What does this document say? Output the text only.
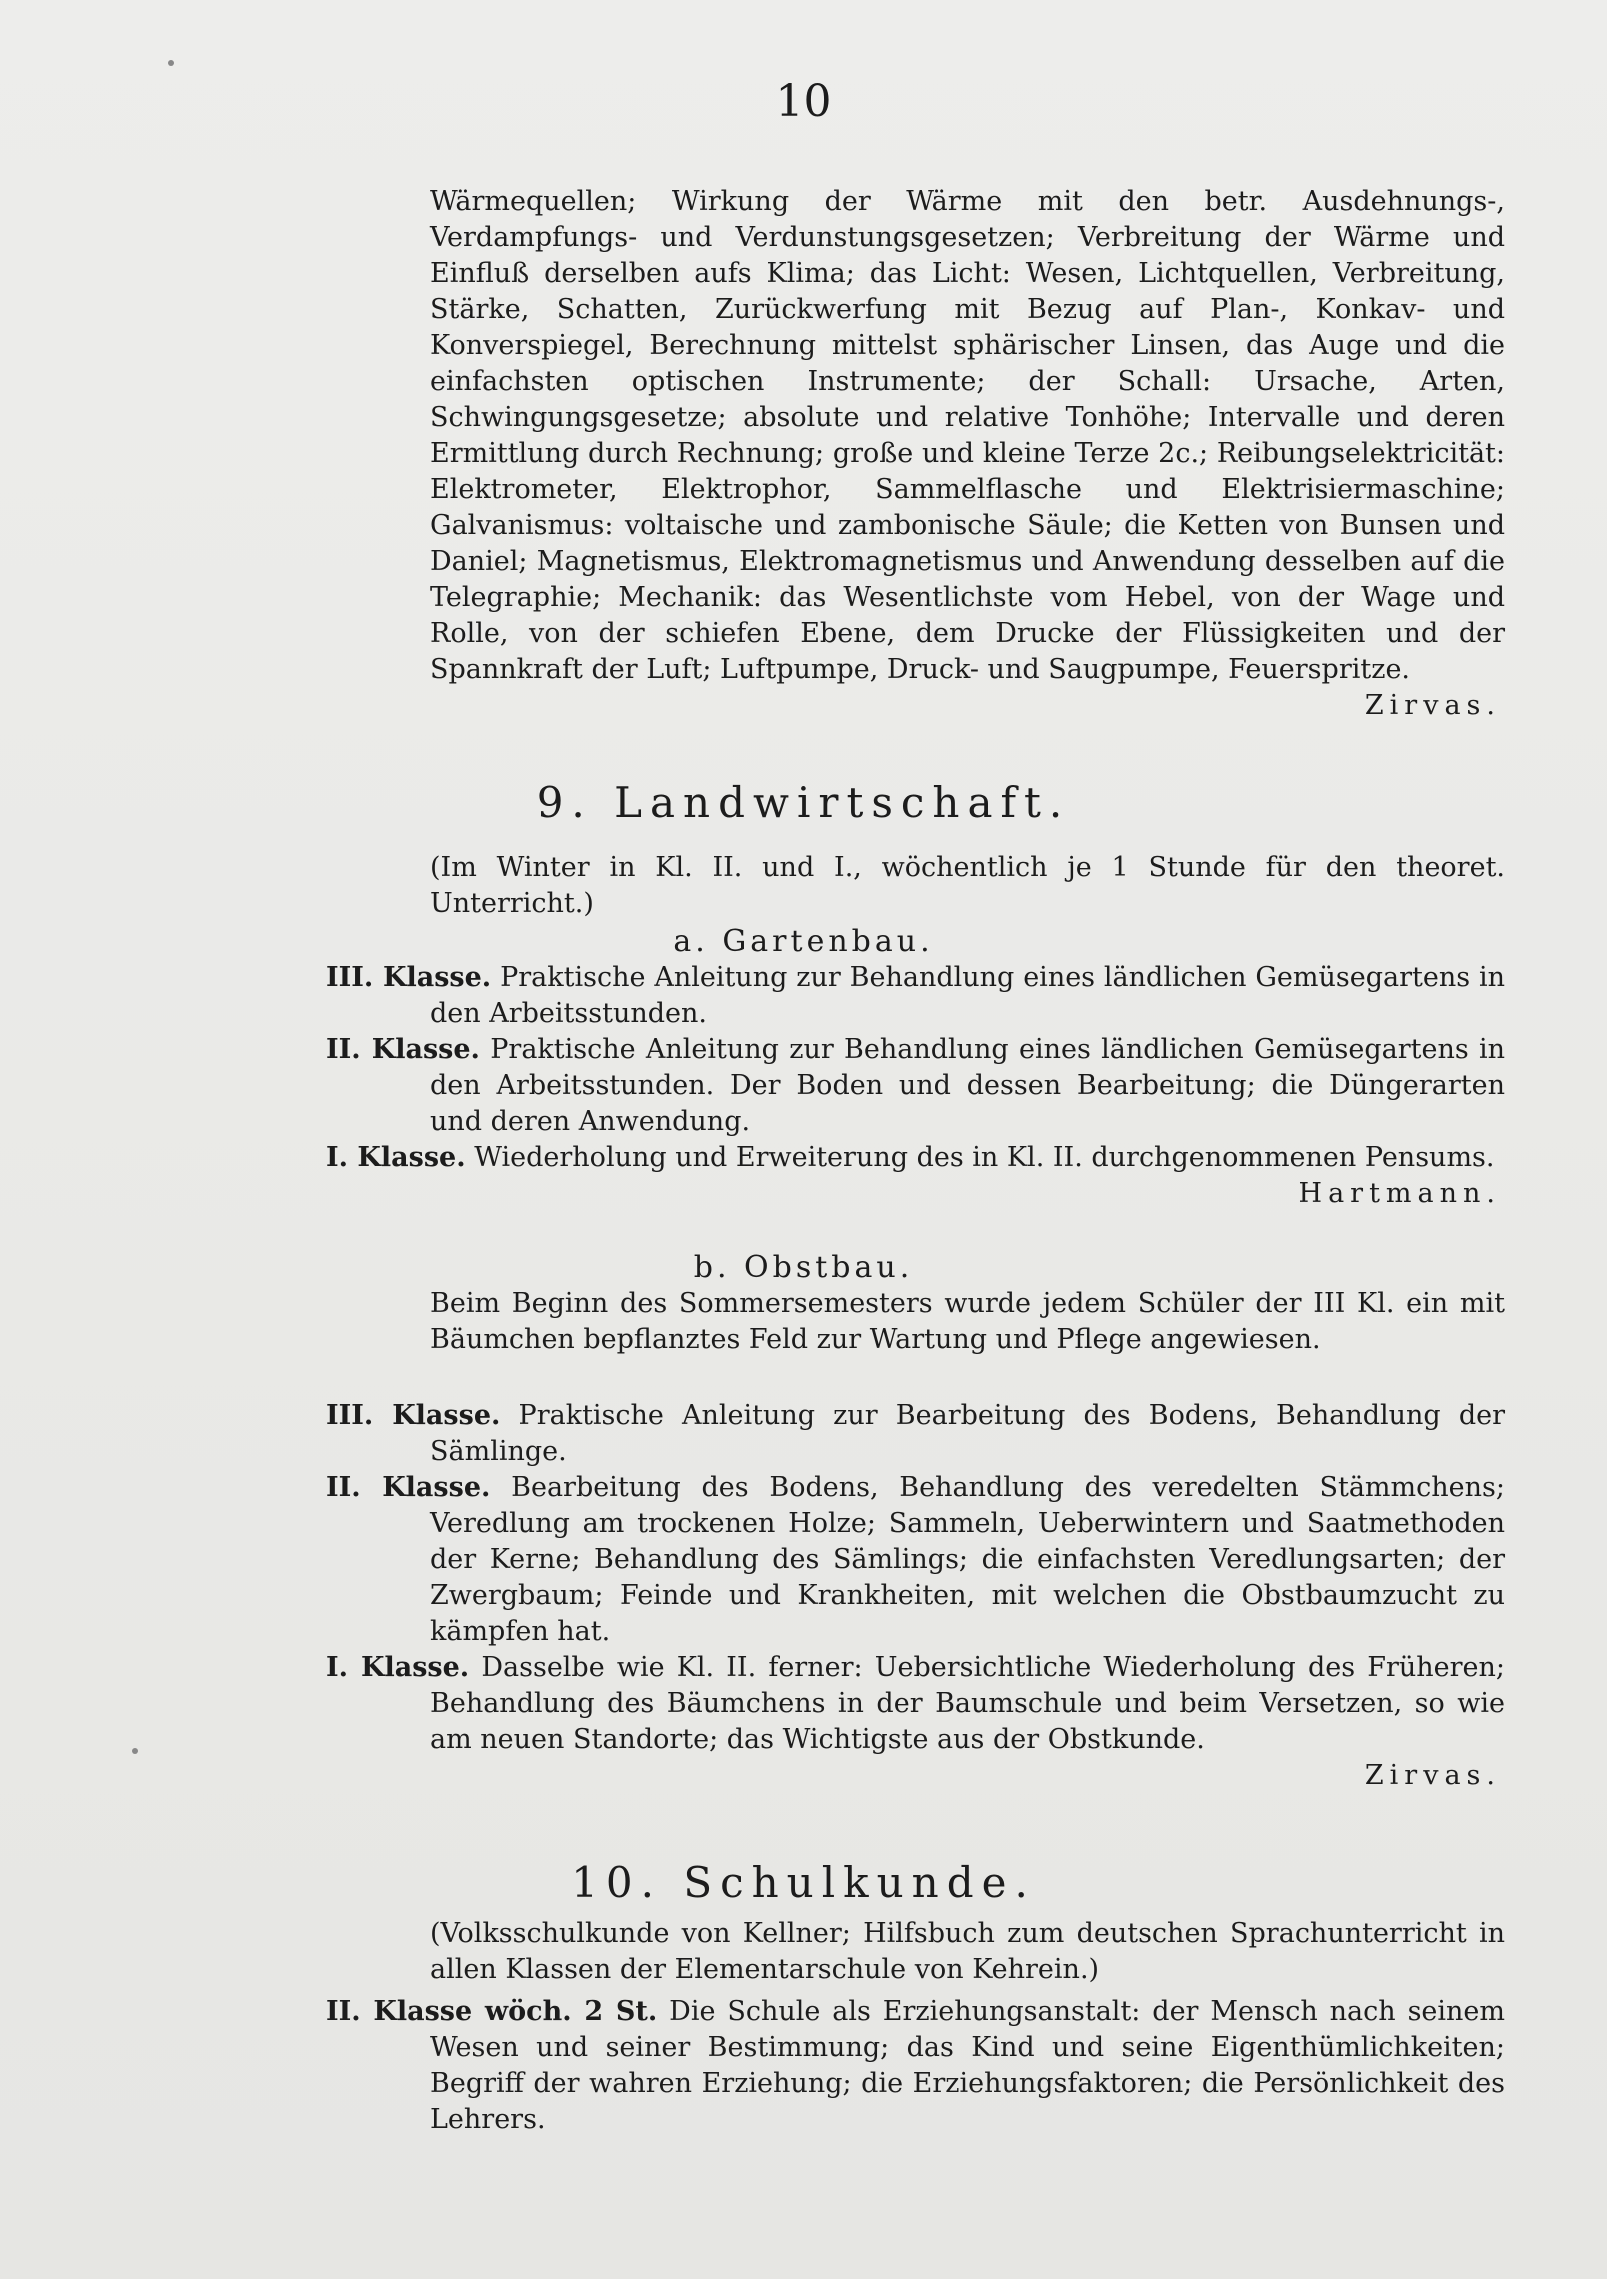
10

Wärmequellen; Wirkung der Wärme mit den betr. Ausdehnungs-, Verdampfungs- und Verdunstungsgesetzen; Verbreitung der Wärme und Einfluß derselben aufs Klima; das Licht: Wesen, Lichtquellen, Verbreitung, Stärke, Schatten, Zurückwerfung mit Bezug auf Plan-, Konkav- und Konverspiegel, Berechnung mittelst sphärischer Linsen, das Auge und die einfachsten optischen Instrumente; der Schall: Ursache, Arten, Schwingungsgesetze; absolute und relative Tonhöhe; Intervalle und deren Ermittlung durch Rechnung; große und kleine Terze 2c.; Reibungselektricität: Elektrometer, Elektrophor, Sammelflasche und Elektrisiermaschine; Galvanismus: voltaische und zambonische Säule; die Ketten von Bunsen und Daniel; Magnetismus, Elektromagnetismus und Anwendung desselben auf die Telegraphie; Mechanik: das Wesentlichste vom Hebel, von der Wage und Rolle, von der schiefen Ebene, dem Drucke der Flüssigkeiten und der Spannkraft der Luft; Luftpumpe, Druck- und Saugpumpe, Feuerspritze.

Zirvas.

9. Landwirtschaft.
(Im Winter in Kl. II. und I., wöchentlich je 1 Stunde für den theoret. Unterricht.)
a. Gartenbau.

III. Klasse. Praktische Anleitung zur Behandlung eines ländlichen Gemüsegartens in den Arbeitsstunden.

II. Klasse. Praktische Anleitung zur Behandlung eines ländlichen Gemüsegartens in den Arbeitsstunden. Der Boden und dessen Bearbeitung; die Düngerarten und deren Anwendung.

I. Klasse. Wiederholung und Erweiterung des in Kl. II. durchgenommenen Pensums.

Hartmann.

b. Obstbau.
Beim Beginn des Sommersemesters wurde jedem Schüler der III Kl. ein mit Bäumchen bepflanztes Feld zur Wartung und Pflege angewiesen.

III. Klasse. Praktische Anleitung zur Bearbeitung des Bodens, Behandlung der Sämlinge.

II. Klasse. Bearbeitung des Bodens, Behandlung des veredelten Stämmchens; Veredlung am trockenen Holze; Sammeln, Ueberwintern und Saatmethoden der Kerne; Behandlung des Sämlings; die einfachsten Veredlungsarten; der Zwergbaum; Feinde und Krankheiten, mit welchen die Obstbaumzucht zu kämpfen hat.

I. Klasse. Dasselbe wie Kl. II. ferner: Uebersichtliche Wiederholung des Früheren; Behandlung des Bäumchens in der Baumschule und beim Versetzen, so wie am neuen Standorte; das Wichtigste aus der Obstkunde.

Zirvas.

10. Schulkunde.
(Volksschulkunde von Kellner; Hilfsbuch zum deutschen Sprachunterricht in allen Klassen der Elementarschule von Kehrein.)

II. Klasse wöch. 2 St. Die Schule als Erziehungsanstalt: der Mensch nach seinem Wesen und seiner Bestimmung; das Kind und seine Eigenthümlichkeiten; Begriff der wahren Erziehung; die Erziehungsfaktoren; die Persönlichkeit des Lehrers.
